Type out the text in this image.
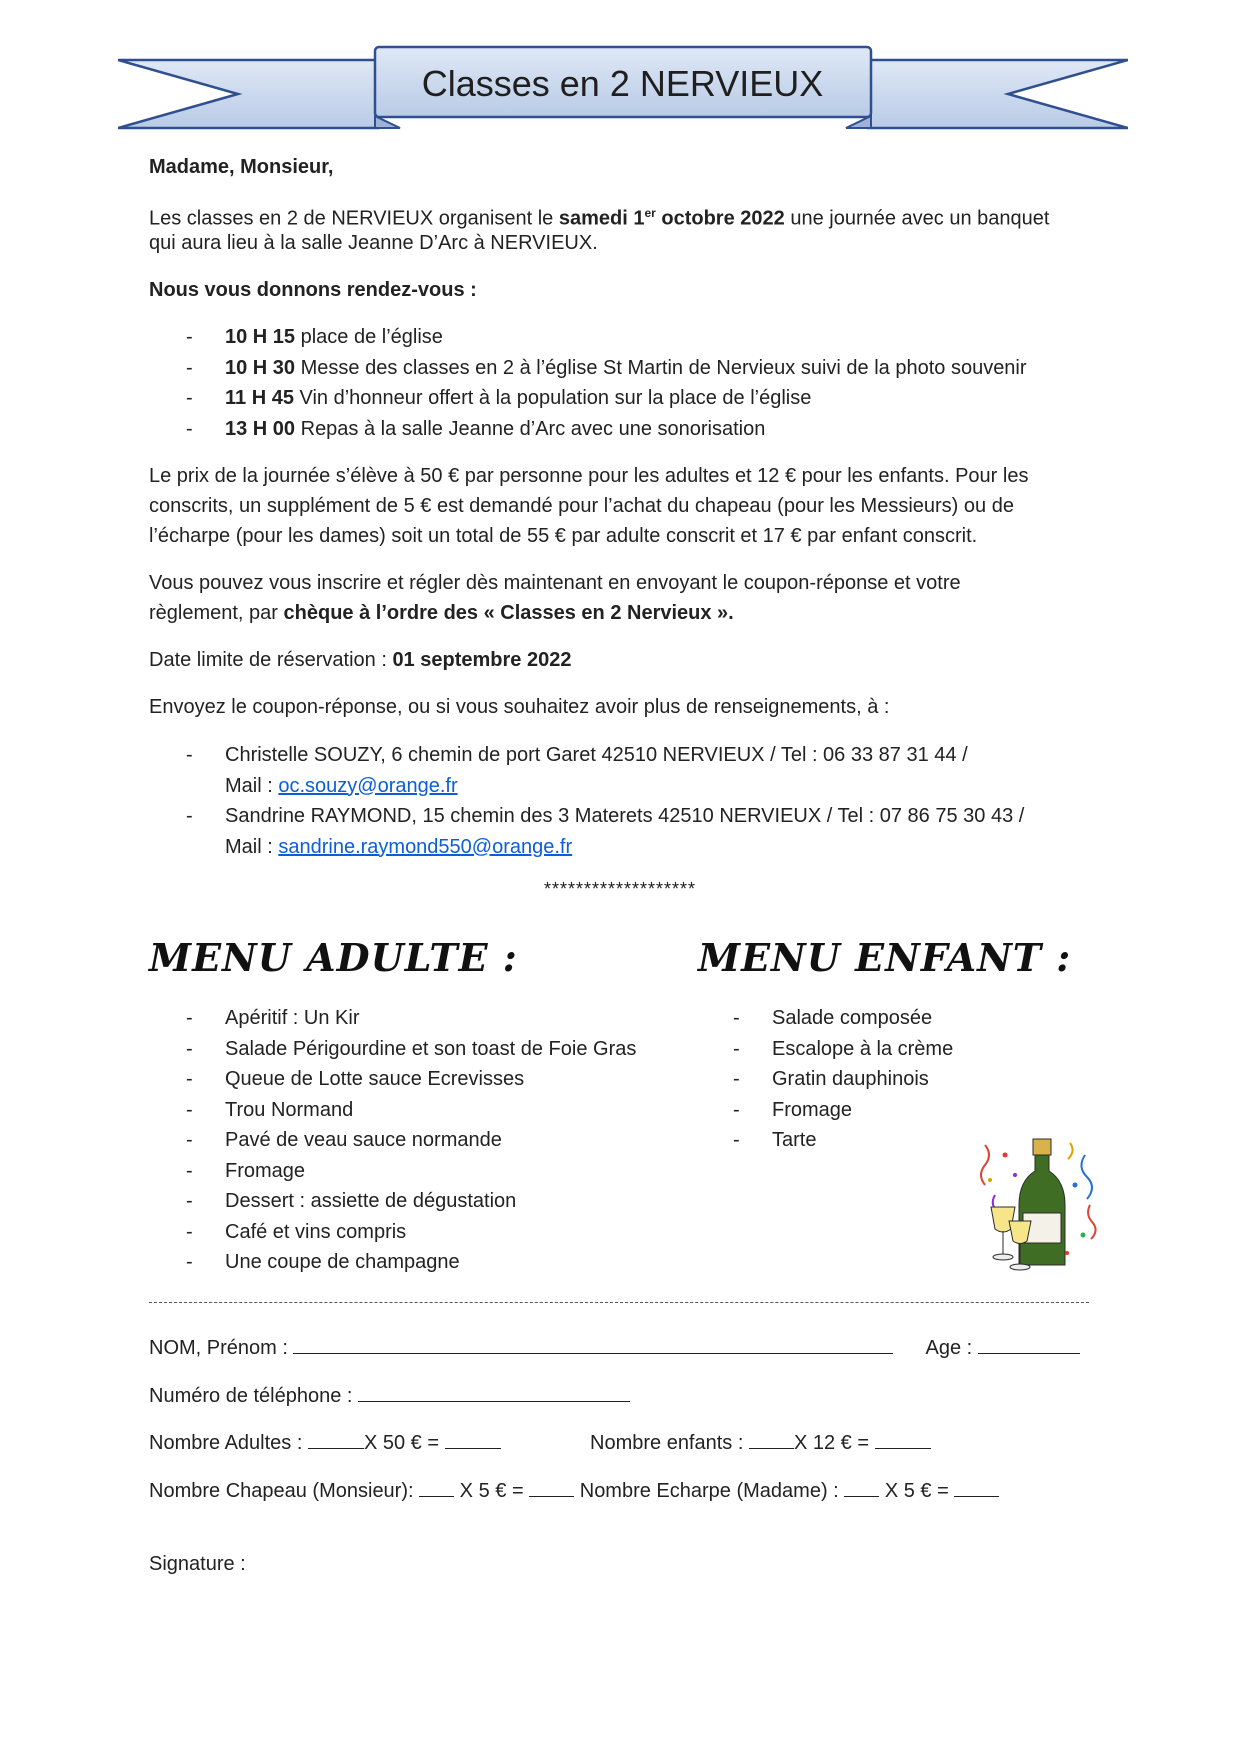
Classes en 2 NERVIEUX
Madame, Monsieur,
Les classes en 2 de NERVIEUX organisent le samedi 1er octobre 2022 une journée avec un banquet
qui aura lieu à la salle Jeanne D’Arc à NERVIEUX.
Nous vous donnons rendez-vous :
-	10 H 15 place de l’église
-	10 H 30 Messe des classes en 2 à l’église St Martin de Nervieux suivi de la photo souvenir
-	11 H 45 Vin d’honneur offert à la population sur la place de l’église
-	13 H 00 Repas à la salle Jeanne d’Arc avec une sonorisation
Le prix de la journée s’élève à 50 € par personne pour les adultes et 12 € pour les enfants. Pour les
conscrits, un supplément de 5 € est demandé pour l’achat du chapeau (pour les Messieurs) ou de
l’écharpe (pour les dames) soit un total de 55 € par adulte conscrit et 17 € par enfant conscrit.
Vous pouvez vous inscrire et régler dès maintenant en envoyant le coupon-réponse et votre
règlement, par chèque à l’ordre des « Classes en 2 Nervieux ».
Date limite de réservation : 01 septembre 2022
Envoyez le coupon-réponse, ou si vous souhaitez avoir plus de renseignements, à :
-	Christelle SOUZY, 6 chemin de port Garet 42510 NERVIEUX / Tel : 06 33 87 31 44 /
Mail : oc.souzy@orange.fr
-	Sandrine RAYMOND, 15 chemin des 3 Materets 42510 NERVIEUX / Tel : 07 86 75 30 43 /
Mail : sandrine.raymond550@orange.fr
*******************
MENU ADULTE :	MENU ENFANT :
-	Apéritif : Un Kir
-	Salade Périgourdine et son toast de Foie Gras
-	Queue de Lotte sauce Ecrevisses
-	Trou Normand
-	Pavé de veau sauce normande
-	Fromage
-	Dessert : assiette de dégustation
-	Café et vins compris
-	Une coupe de champagne
-	Salade composée
-	Escalope à la crème
-	Gratin dauphinois
-	Fromage
-	Tarte
NOM, Prénom :	Age :
Numéro de téléphone :
Nombre Adultes :	X 50 € =	Nombre enfants : X 12 € =
Nombre Chapeau (Monsieur):  X 5 € =  Nombre Echarpe (Madame) :  X 5 € =
Signature :
